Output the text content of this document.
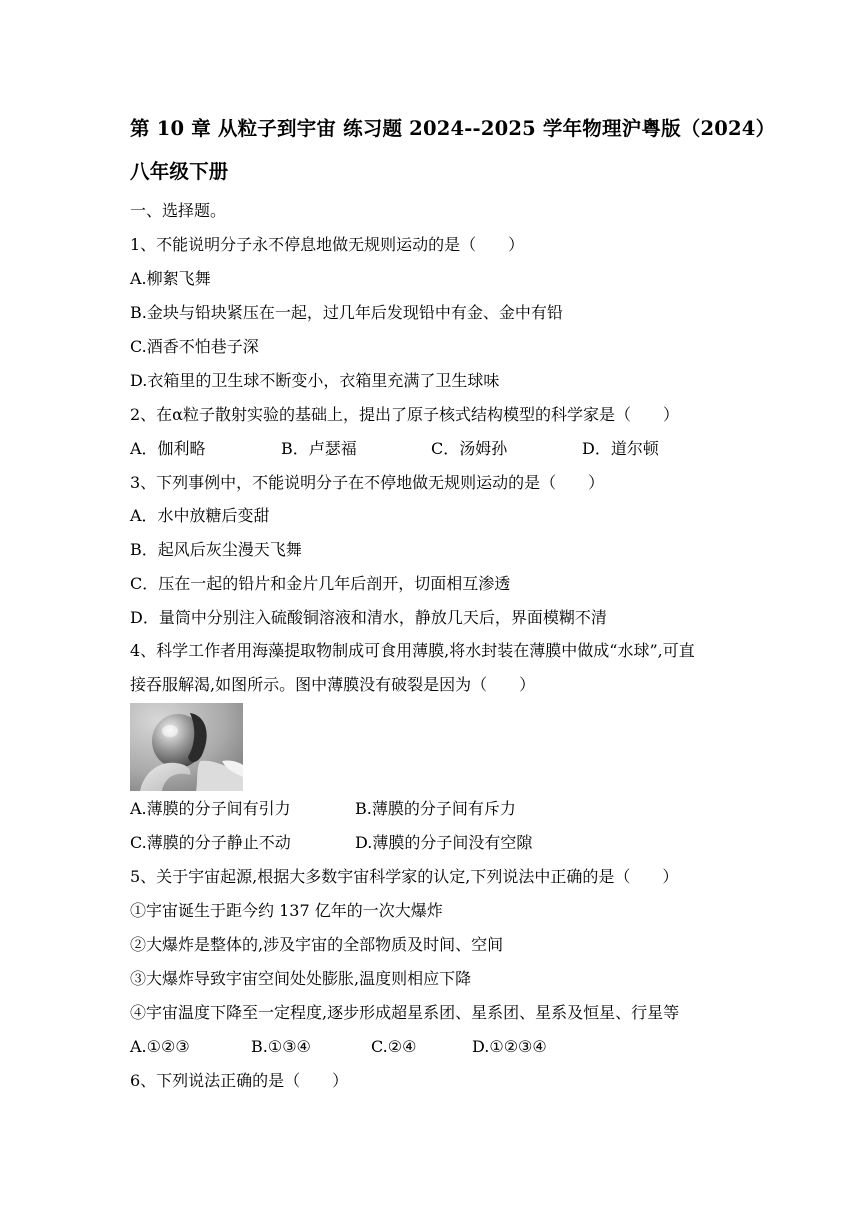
第 10 章 从粒子到宇宙 练习题 2024--2025 学年物理沪粤版（2024）
八年级下册
一、选择题。
1、不能说明分子永不停息地做无规则运动的是（　　）
A.柳絮飞舞
B.金块与铅块紧压在一起，过几年后发现铅中有金、金中有铅
C.酒香不怕巷子深
D.衣箱里的卫生球不断变小，衣箱里充满了卫生球味
2、在α粒子散射实验的基础上，提出了原子核式结构模型的科学家是（　　）
A．伽利略	B．卢瑟福	C．汤姆孙	D．道尔顿
3、下列事例中，不能说明分子在不停地做无规则运动的是（　　）
A．水中放糖后变甜
B．起风后灰尘漫天飞舞
C．压在一起的铅片和金片几年后剖开，切面相互渗透
D．量筒中分别注入硫酸铜溶液和清水，静放几天后，界面模糊不清
4、科学工作者用海藻提取物制成可食用薄膜,将水封装在薄膜中做成“水球”,可直
接吞服解渴,如图所示。图中薄膜没有破裂是因为（　　）
A.薄膜的分子间有引力	B.薄膜的分子间有斥力
C.薄膜的分子静止不动	D.薄膜的分子间没有空隙
5、关于宇宙起源,根据大多数宇宙科学家的认定,下列说法中正确的是（　　）
①宇宙诞生于距今约 137 亿年的一次大爆炸
②大爆炸是整体的,涉及宇宙的全部物质及时间、空间
③大爆炸导致宇宙空间处处膨胀,温度则相应下降
④宇宙温度下降至一定程度,逐步形成超星系团、星系团、星系及恒星、行星等
A.①②③	B.①③④	C.②④	D.①②③④
6、下列说法正确的是（　　）
